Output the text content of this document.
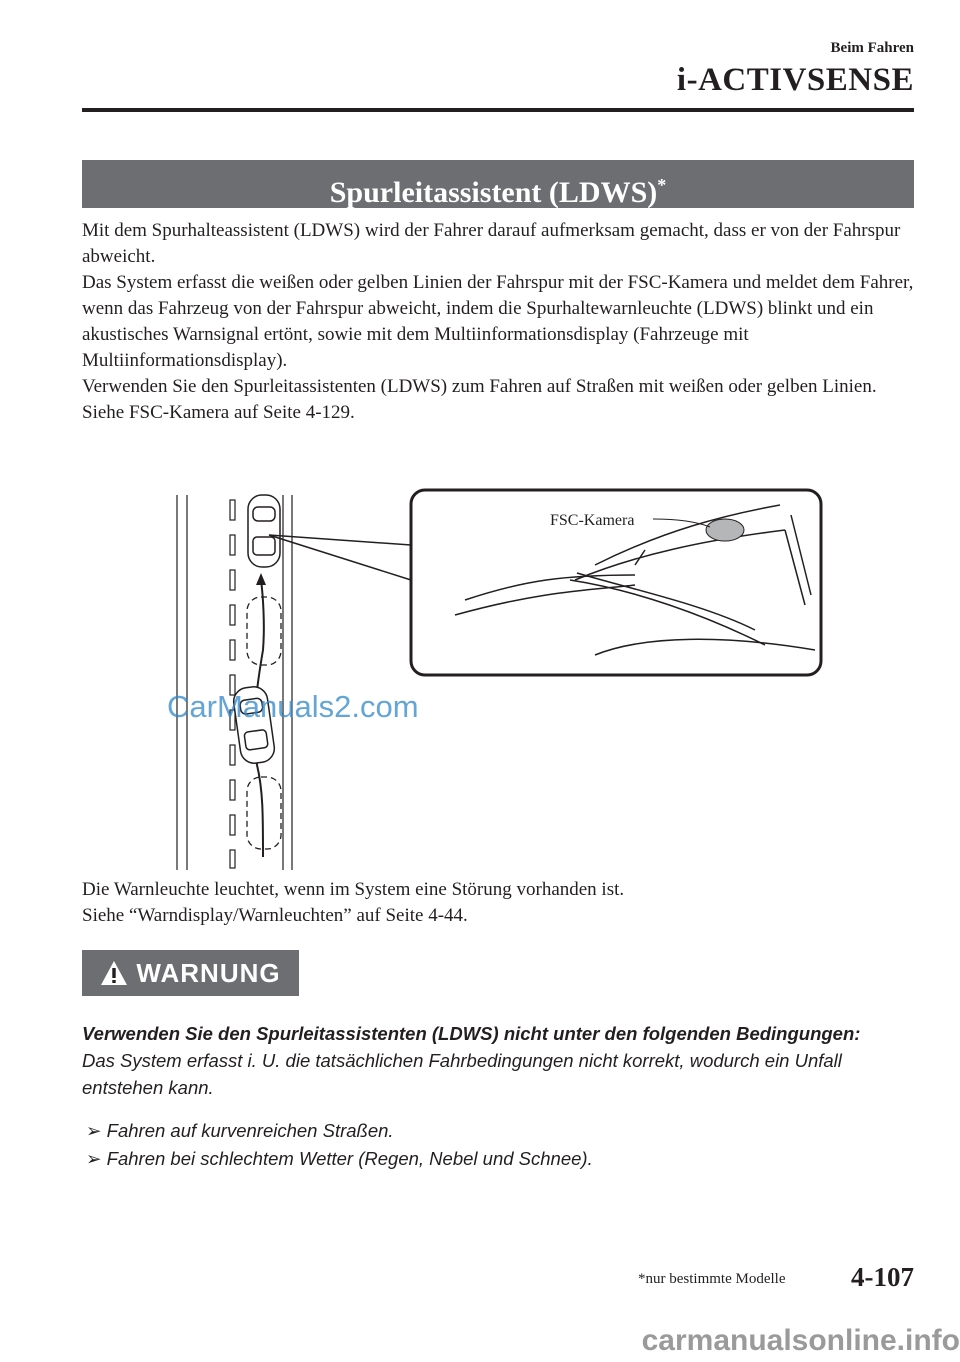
Beim Fahren
i-ACTIVSENSE
Spurleitassistent (LDWS)*

Mit dem Spurhalteassistent (LDWS) wird der Fahrer darauf aufmerksam gemacht, dass er von der Fahrspur abweicht.

Das System erfasst die weißen oder gelben Linien der Fahrspur mit der FSC-Kamera und meldet dem Fahrer, wenn das Fahrzeug von der Fahrspur abweicht, indem die Spurhaltewarnleuchte (LDWS) blinkt und ein akustisches Warnsignal ertönt, sowie mit dem Multiinformationsdisplay (Fahrzeuge mit Multiinformationsdisplay).

Verwenden Sie den Spurleitassistenten (LDWS) zum Fahren auf Straßen mit weißen oder gelben Linien.

Siehe FSC-Kamera auf Seite 4-129.

FSC-Kamera
CarManuals2.com

Die Warnleuchte leuchtet, wenn im System eine Störung vorhanden ist.

Siehe “Warndisplay/Warnleuchten” auf Seite 4-44.

WARNUNG
Verwenden Sie den Spurleitassistenten (LDWS) nicht unter den folgenden Bedingungen:
Das System erfasst i. U. die tatsächlichen Fahrbedingungen nicht korrekt, wodurch ein Unfall entstehen kann.
➢ Fahren auf kurvenreichen Straßen.
➢ Fahren bei schlechtem Wetter (Regen, Nebel und Schnee).
*nur bestimmte Modelle 4-107
carmanualsonline.info
